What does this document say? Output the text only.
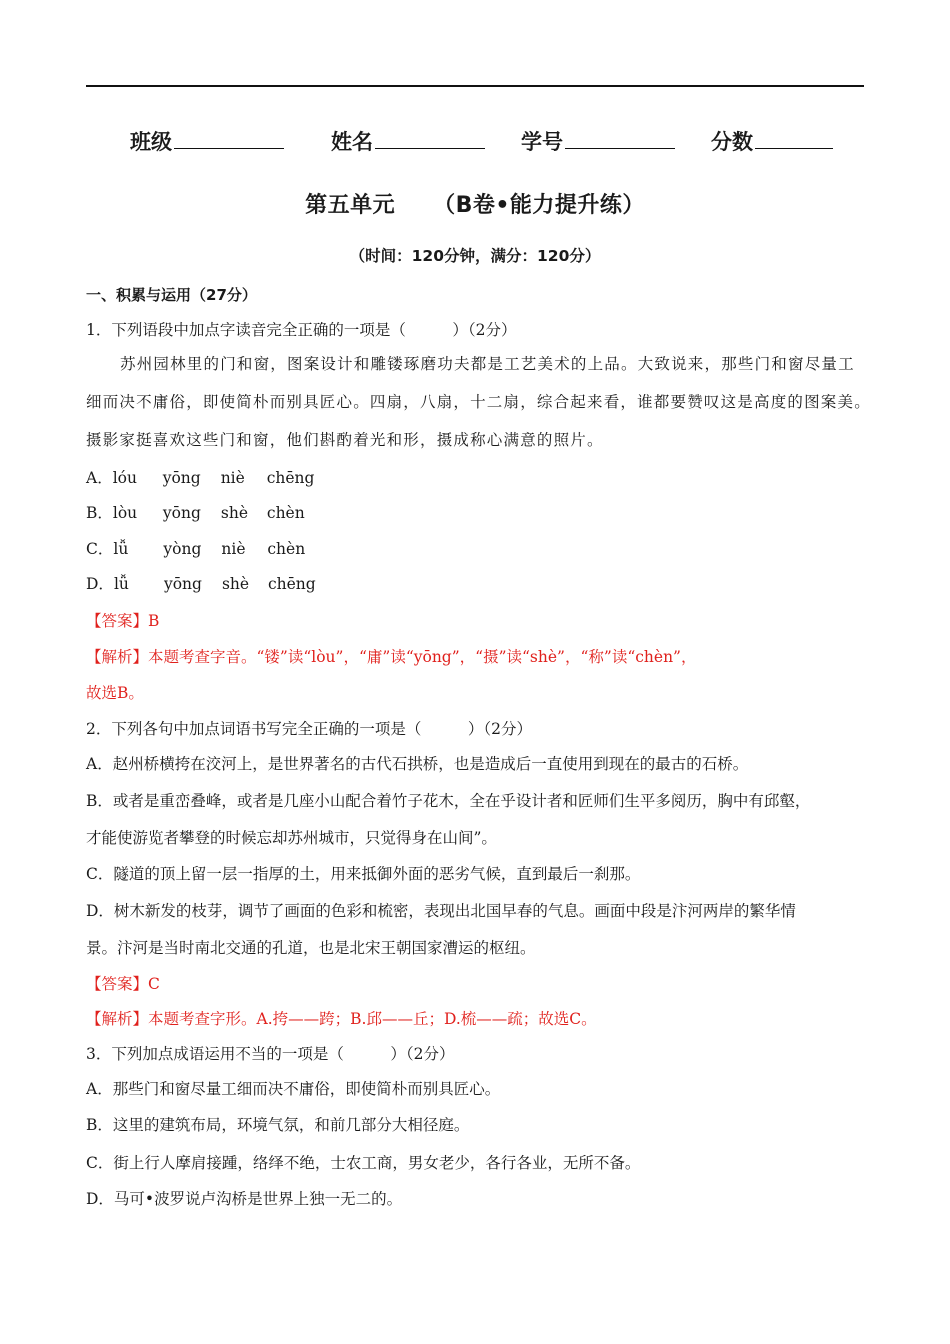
班级	姓名	学号	分数
第五单元 （B卷•能力提升练）
（时间：120分钟，满分：120分）
一、积累与运用（27分）
1．下列语段中加点字读音完全正确的一项是（　　　）（2分）
苏州园林里的门和窗，图案设计和雕镂琢磨功夫都是工艺美术的上品。大致说来，那些门和窗尽量工
细而决不庸俗，即使简朴而别具匠心。四扇，八扇，十二扇，综合起来看，谁都要赞叹这是高度的图案美。
摄影家挺喜欢这些门和窗，他们斟酌着光和形，摄成称心满意的照片。
A．lóu yōng niè chēng
B．lòu yōng shè chèn
C．lǚ yòng niè chèn
D．lǚ yōng shè chēng
【答案】B
【解析】本题考查字音。“镂”读“lòu”，“庸”读“yōng”，“摄”读“shè”，“称”读“chèn”，
故选B。
2．下列各句中加点词语书写完全正确的一项是（　　　）（2分）
A．赵州桥横挎在洨河上，是世界著名的古代石拱桥，也是造成后一直使用到现在的最古的石桥。
B．或者是重峦叠峰，或者是几座小山配合着竹子花木，全在乎设计者和匠师们生平多阅历，胸中有邱壑，
才能使游览者攀登的时候忘却苏州城市，只觉得身在山间”。
C．隧道的顶上留一层一指厚的土，用来抵御外面的恶劣气候，直到最后一刹那。
D．树木新发的枝芽，调节了画面的色彩和梳密，表现出北国早春的气息。画面中段是汴河两岸的繁华情
景。汴河是当时南北交通的孔道，也是北宋王朝国家漕运的枢纽。
【答案】C
【解析】本题考查字形。A.挎——跨；B.邱——丘；D.梳——疏；故选C。
3．下列加点成语运用不当的一项是（　　　）（2分）
A．那些门和窗尽量工细而决不庸俗，即使简朴而别具匠心。
B．这里的建筑布局，环境气氛，和前几部分大相径庭。
C．街上行人摩肩接踵，络绎不绝，士农工商，男女老少，各行各业，无所不备。
D．马可•波罗说卢沟桥是世界上独一无二的。
